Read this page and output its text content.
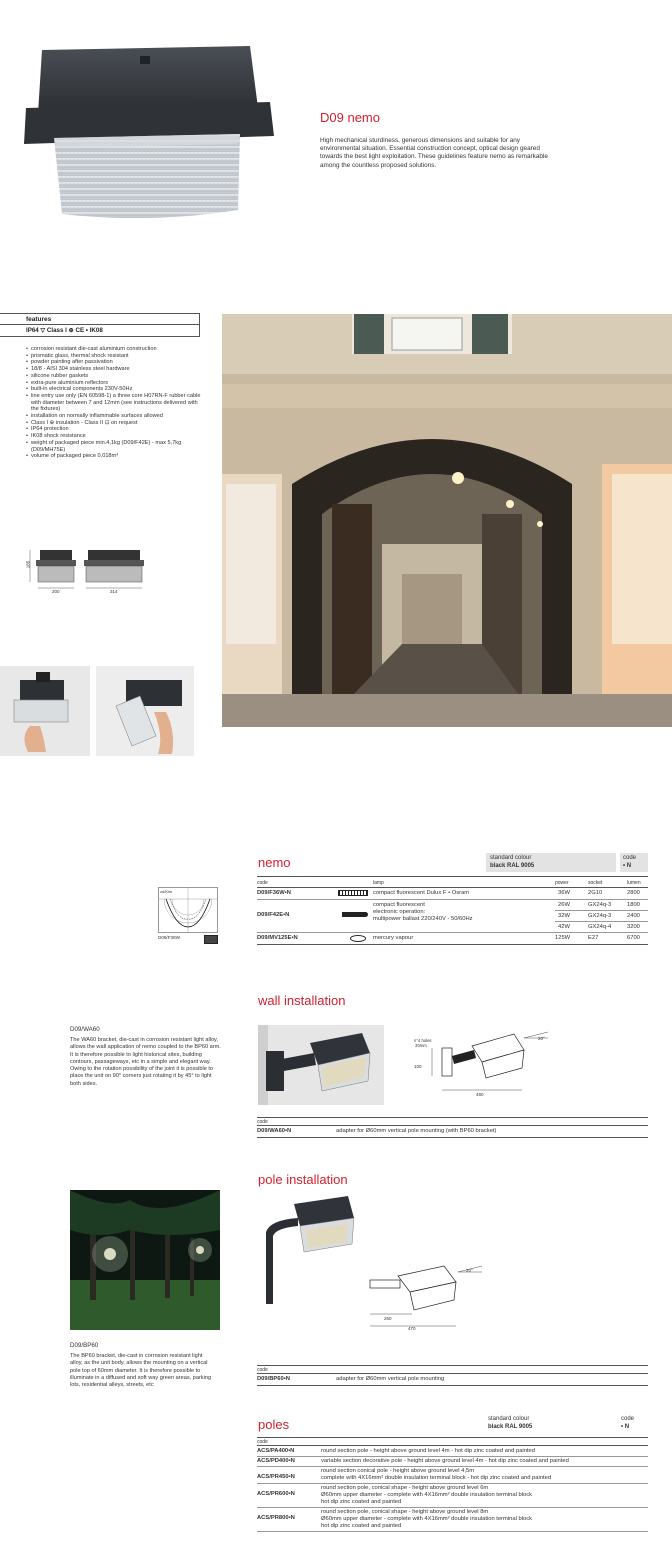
D09 nemo
High mechanical sturdiness, generous dimensions and suitable for any environmental situation. Essential construction concept, optical design geared towards the best light exploitation. These guidelines feature nemo as remarkable among the countless proposed solutions.
features
IP64 ▽ Class I ⊕ CE • IK08
• corrosion resistant die-cast aluminium construction
• prismatic glass, thermal shock resistant
• powder painting after passivation
• 18/8 - AISI 304 stainless steel hardware
• silicone rubber gaskets
• extra-pure aluminium reflectors
• built-in electrical components 230V-50Hz
• line entry use only (EN 60598-1) a three core H07RN-F rubber cable with diameter between 7 and 12mm (see instructions delivered with the fixtures)
• installation on normally inflammable surfaces allowed
• Class I ⊕ insulation - Class II ⊡ on request
• IP64 protection
• IK08 shock resistance
• weight of packaged piece min.4,1kg (D09/F42E) - max 5,7kg (D09/MH75E)
• volume of packaged piece 0,018m³
185
200	314
nemo	standard colour
black RAL 9005
code
• N
cd/Klm
D09/F36W
code	lamp	power	socket	lumen
D09/F36W•N	compact fluorescent Dulux F • Osram	36W	2G10	2800
D09/F42E•N
compact fluorescent
electronic operation:
multipower ballast 220/240V - 50/60Hz
26W	GX24q-3	1800
32W	GX24q-3	2400
42W	GX24q-4	3200
D09/MV125E•N	mercury vapour	125W	E27	6700
wall installation
D09/WA60
The WA60 bracket, die-cast in corrosion resistant light alloy, allows the wall application of nemo coupled to the BP60 arm. It is therefore possible to light historical sites, building contours, passageways, etc in a simple and elegant way. Owing to the rotation possibility of the joint it is possible to place the unit on 90° corners just rotating it by 45° to light both sides.
n°4 holes
20mm
20°
100
480
code
D09/WA60•N	adapter for Ø60mm vertical pole mounting (with BP60 bracket)
pole installation
D09/BP60
The BP60 bracket, die-cast in corrosion resistant light alloy, as the unit body, allows the mounting on a vertical pole top of 60mm diameter. It is therefore possible to illuminate in a diffused and soft way green areas, parking lots, residential alleys, streets, etc
20°
260
470
code
D09/BP60•N	adapter for Ø60mm vertical pole mounting
poles	standard colour
black RAL 9005
code
• N
code
ACS/PA400•N	round section pole - height above ground level 4m - hot dip zinc coated and painted
ACS/PD400•N	variable section decorative pole - height above ground level 4m - hot dip zinc coated and painted
ACS/PR450•N
round section conical pole - height above ground level 4,5m
complete with 4X16mm² double insulation terminal block - hot dip zinc coated and painted
ACS/PR600•N
round section pole, conical shape - height above ground level 6m
Ø60mm upper diameter - complete with 4X16mm² double insulation terminal block
hot dip zinc coated and painted
ACS/PR800•N
round section pole, conical shape - height above ground level 8m
Ø60mm upper diameter - complete with 4X16mm² double insulation terminal block
hot dip zinc coated and painted
